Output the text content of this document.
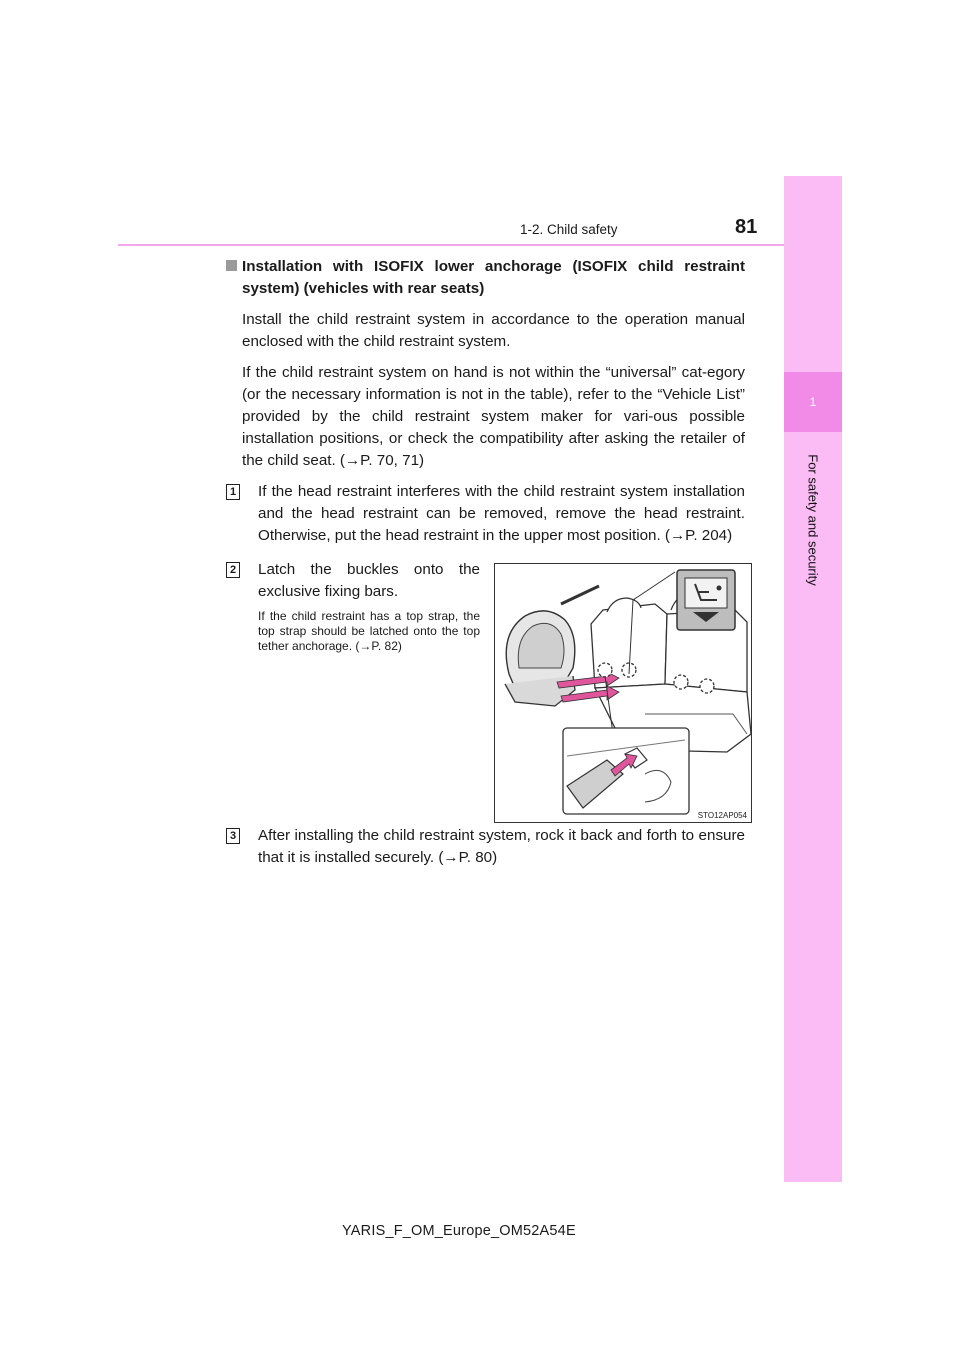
1
For safety and security
1-2. Child safety	81
Installation with ISOFIX lower anchorage (ISOFIX child restraint system) (vehicles with rear seats)
Install the child restraint system in accordance to the operation manual enclosed with the child restraint system.
If the child restraint system on hand is not within the “universal” cat-egory (or the necessary information is not in the table), refer to the “Vehicle List” provided by the child restraint system maker for vari-ous possible installation positions, or check the compatibility after asking the retailer of the child seat. (→P. 70, 71)
1	If the head restraint interferes with the child restraint system installation and the head restraint can be removed, remove the head restraint. Otherwise, put the head restraint in the upper most position. (→P. 204)
2 Latch the buckles onto the exclusive fixing bars.
If the child restraint has a top strap, the top strap should be latched onto the top tether anchorage. (→P. 82)
STO12AP054
3 After installing the child restraint system, rock it back and forth to ensure that it is installed securely. (→P. 80)
YARIS_F_OM_Europe_OM52A54E
